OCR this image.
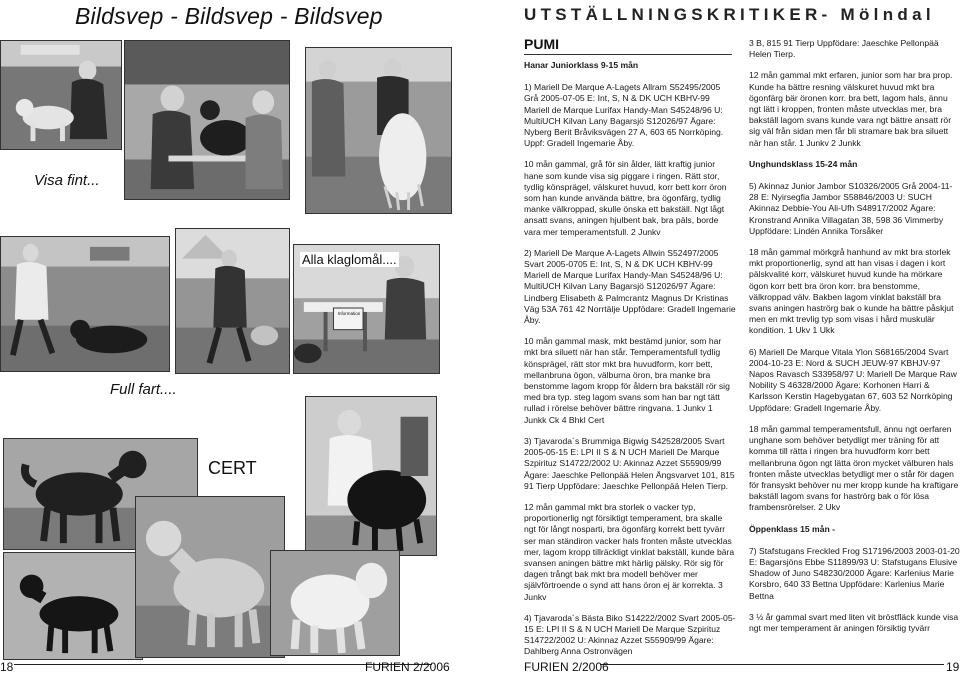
Bildsvep - Bildsvep - Bildsvep
Visa fint...
Information
Alla klaglomål....
Full fart....
CERT
18	FURIEN 2/2006
UTSTÄLLNINGSKRITIKER- Mölndal
PUMI
Hanar Juniorklass 9-15 mån

1) Mariell De Marque A-Lagets Allram S52495/2005 Grå 2005-07-05 E: Int, S, N & DK UCH KBHV-99 Mariell de Marque Lurifax Handy-Man S45248/96 U: MultiUCH Kilvan Lany Bagarsjö S12026/97 Ägare: Nyberg Berit Bråviksvägen 27 A, 603 65 Norrköping. Uppf: Gradell Ingemarie Åby.

10 mån gammal, grå för sin ålder, lätt kraftig junior hane som kunde visa sig piggare i ringen. Rätt stor, tydlig könsprägel, välskuret huvud, korr bett korr öron som han kunde använda bättre, bra ögonfärg, tydlig manke välkroppad, skulle önska ett bakställ. Ngt lågt ansatt svans, aningen hjulbent bak, bra päls, borde vara mer temperamentsfull. 2 Junkv

2) Mariell De Marque A-Lagets Allwin S52497/2005 Svart 2005-0705 E: Int, S, N & DK UCH KBHV-99 Mariell de Marque Lurifax Handy-Man S45248/96 U: MultiUCH Kilvan Lany Bagarsjö S12026/97 Ägare: Lindberg Elisabeth & Palmcrantz Magnus Dr Kristinas Väg 53A 761 42 Norrtälje Uppfödare: Gradell Ingemarie Åby.

10 mån gammal mask, mkt bestämd junior, som har mkt bra siluett när han står. Temperamentsfull tydlig könsprägel, rätt stor mkt bra huvudform, korr bett, mellanbruna ögon, välburna öron, bra manke bra benstomme lagom kropp för åldern bra bakställ rör sig med bra typ. steg lagom svans som han bar ngt tätt rullad i rörelse behöver bättre ringvana. 1 Junkv 1 Junkk Ck 4 Bhkl Cert

3) Tjavaroda´s Brummiga Bigwig S42528/2005 Svart 2005-05-15 E: LPI II S & N UCH Mariell De Marque Szpirituz S14722/2002 U: Akinnaz Azzet S55909/99 Ägare: Jaeschke Pellonpää Helen Ängsvarvet 101, 815 91 Tierp Uppfödare: Jaeschke Pellonpää Helen Tierp.

12 mån gammal mkt bra storlek o vacker typ, proportionerlig ngt försiktigt temperament, bra skalle ngt för långt nosparti, bra ögonfärg korrekt bett tyvärr ser man ständiron vacker hals fronten måste utvecklas mer, lagom kropp tillräckligt vinklat bakställ, kunde bära svansen aningen bättre mkt härlig pälsky. Rör sig för dagen trångt bak mkt bra modell behöver mer självförtroende o synd att hans öron ej är korrekta. 3 Junkv

4) Tjavaroda´s Bästa Biko S14222/2002 Svart 2005-05-15 E: LPI II S & N UCH Mariell De Marque Szpirituz S14722/2002 U: Akinnaz Azzet S55909/99 Ägare: Dahlberg Anna Ostronvägen

3 B, 815 91 Tierp Uppfödare: Jaeschke Pellonpää Helen Tierp.

12 mån gammal mkt erfaren, junior som har bra prop. Kunde ha bättre resning välskuret huvud mkt bra ögonfärg bär öronen korr. bra bett, lagom hals, ännu ngt lätt i kroppen, fronten måste utvecklas mer, bra bakställ lagom svans kunde vara ngt bättre ansatt rör sig väl från sidan men får bli stramare bak bra siluett när han står. 1 Junkv 2 Junkk

Unghundsklass 15-24 mån

5) Akinnaz Junior Jambor S10326/2005 Grå 2004-11-28 E: Nyirsegfia Jambor S58846/2003 U: SUCH Akinnaz Debbie-You Ali-Ufh S48917/2002 Ägare: Kronstrand Annika Villagatan 38, 598 36 Vimmerby Uppfödare: Lindén Annika Torsåker

18 mån gammal mörkgrå hanhund av mkt bra storlek mkt proportionerlig, synd att han visas i dagen i kort pälskvalité korr, välskuret huvud kunde ha mörkare ögon korr bett bra öron korr. bra benstomme, välkroppad välv. Bakben lagom vinklat bakställ bra svans aningen haströrg bak o kunde ha bättre påskjut men en mkt trevlig typ som visas i hård muskulär kondition. 1 Ukv 1 Ukk

6) Mariell De Marque Vitala Ylon S68165/2004 Svart 2004-10-23 E: Nord & SUCH JEUW-97 KBHJV-97 Napos Ravasch S33958/97 U: Mariell De Marque Raw Nobility S 46328/2000 Ägare: Korhonen Harri & Karlsson Kerstin Hagebygatan 67, 603 52 Norrköping Uppfödare: Gradell Ingemarie Åby.

18 mån gammal temperamentsfull, ännu ngt oerfaren unghane som behöver betydligt mer träning för att komma till rätta i ringen bra huvudform korr bett mellanbruna ögon ngt lätta öron mycket välburen hals fronten måste utvecklas betydligt mer o står för dagen för fransyskt behöver nu mer kropp kunde ha kraftigare bakställ lagom svans for haströrg bak o för lösa frambensrörelser. 2 Ukv

Öppenklass 15 mån -

7) Stafstugans Freckled Frog S17196/2003 2003-01-20 E: Bagarsjöns Ebbe S11899/93 U: Stafstugans Elusive Shadow of Juno S48230/2000 Ägare: Karlenius Marie Korsbro, 640 33 Bettna Uppfödare: Karlenius Marie Bettna

3 ½ år gammal svart med liten vit bröstfläck kunde visa ngt mer temperament är aningen försiktig tyvärr

FURIEN 2/2006	19
